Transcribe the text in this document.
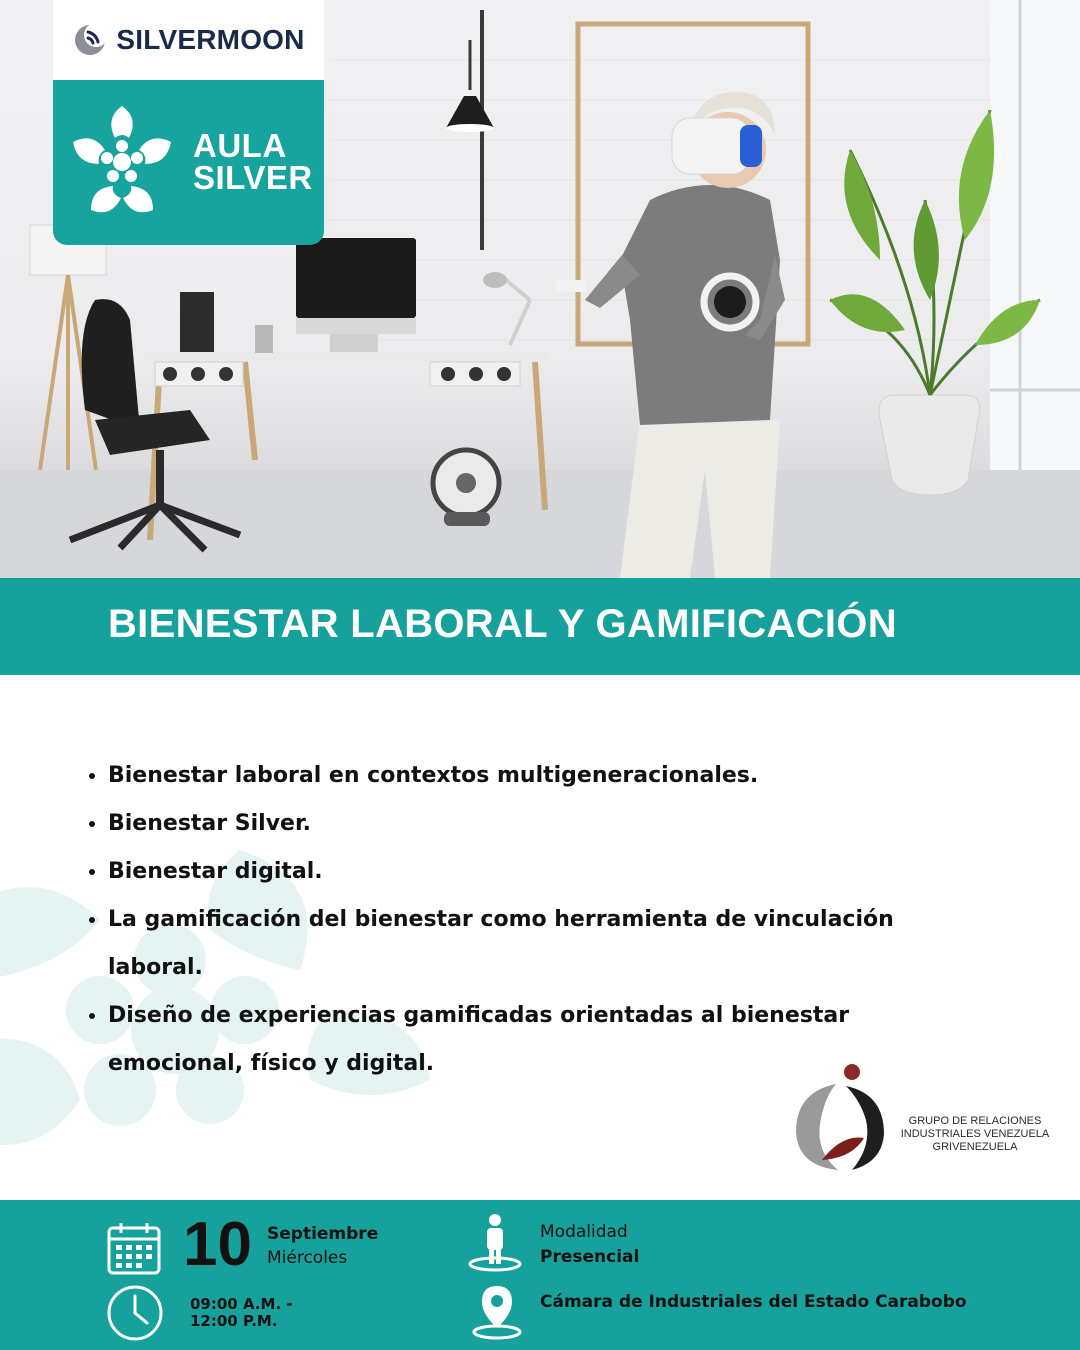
SILVERMOON
AULA
SILVER
BIENESTAR LABORAL Y GAMIFICACIÓN
• Bienestar laboral en contextos multigeneracionales.
• Bienestar Silver.
• Bienestar digital.
• La gamificación del bienestar como herramienta de vinculación laboral.
• Diseño de experiencias gamificadas orientadas al bienestar emocional, físico y digital.
GRUPO DE RELACIONES
INDUSTRIALES VENEZUELA
GRIVENEZUELA
10 Septiembre
Miércoles
09:00 A.M. -
12:00 P.M.
Modalidad
Presencial
Cámara de Industriales del Estado Carabobo
